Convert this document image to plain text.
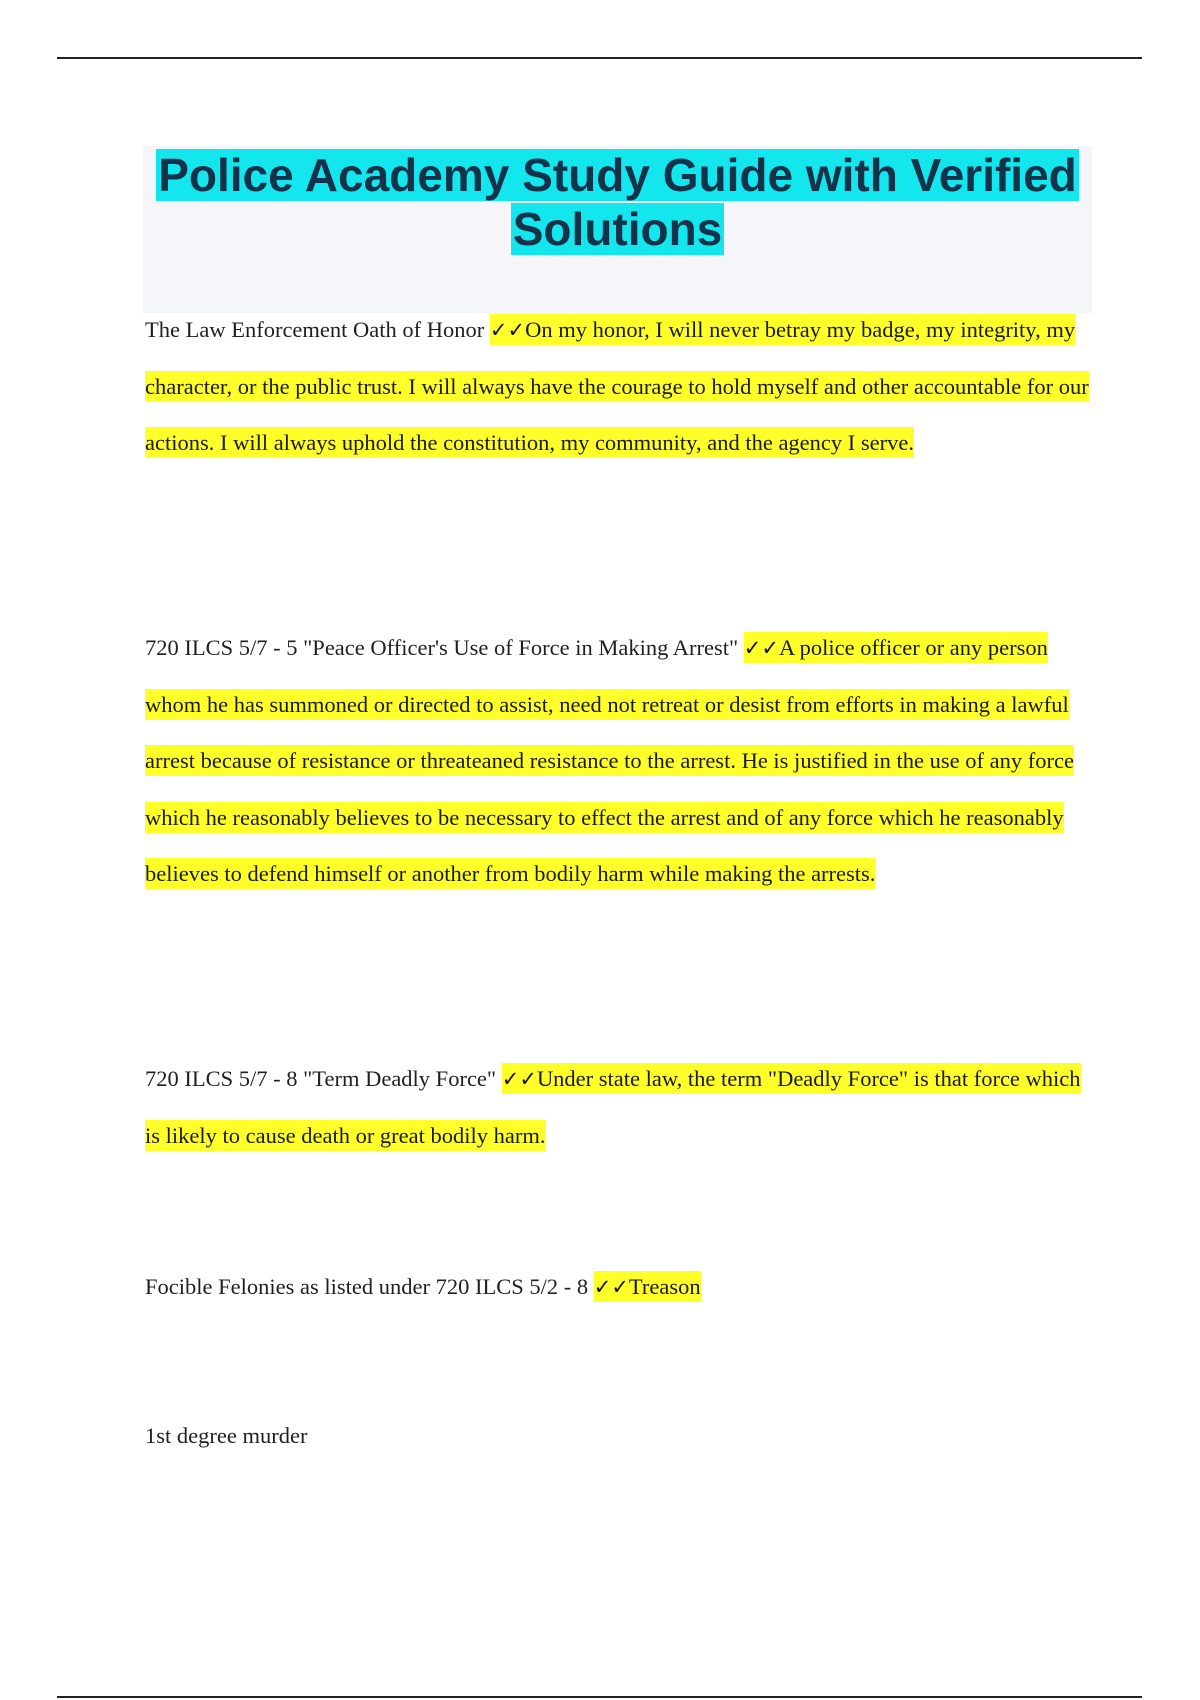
Police Academy Study Guide with Verified Solutions
The Law Enforcement Oath of Honor ✓✓On my honor, I will never betray my badge, my integrity, my character, or the public trust. I will always have the courage to hold myself and other accountable for our actions. I will always uphold the constitution, my community, and the agency I serve.
720 ILCS 5/7 - 5 "Peace Officer's Use of Force in Making Arrest" ✓✓A police officer or any person whom he has summoned or directed to assist, need not retreat or desist from efforts in making a lawful arrest because of resistance or threateaned resistance to the arrest. He is justified in the use of any force which he reasonably believes to be necessary to effect the arrest and of any force which he reasonably believes to defend himself or another from bodily harm while making the arrests.
720 ILCS 5/7 - 8 "Term Deadly Force" ✓✓Under state law, the term "Deadly Force" is that force which is likely to cause death or great bodily harm.
Focible Felonies as listed under 720 ILCS 5/2 - 8 ✓✓Treason
1st degree murder
